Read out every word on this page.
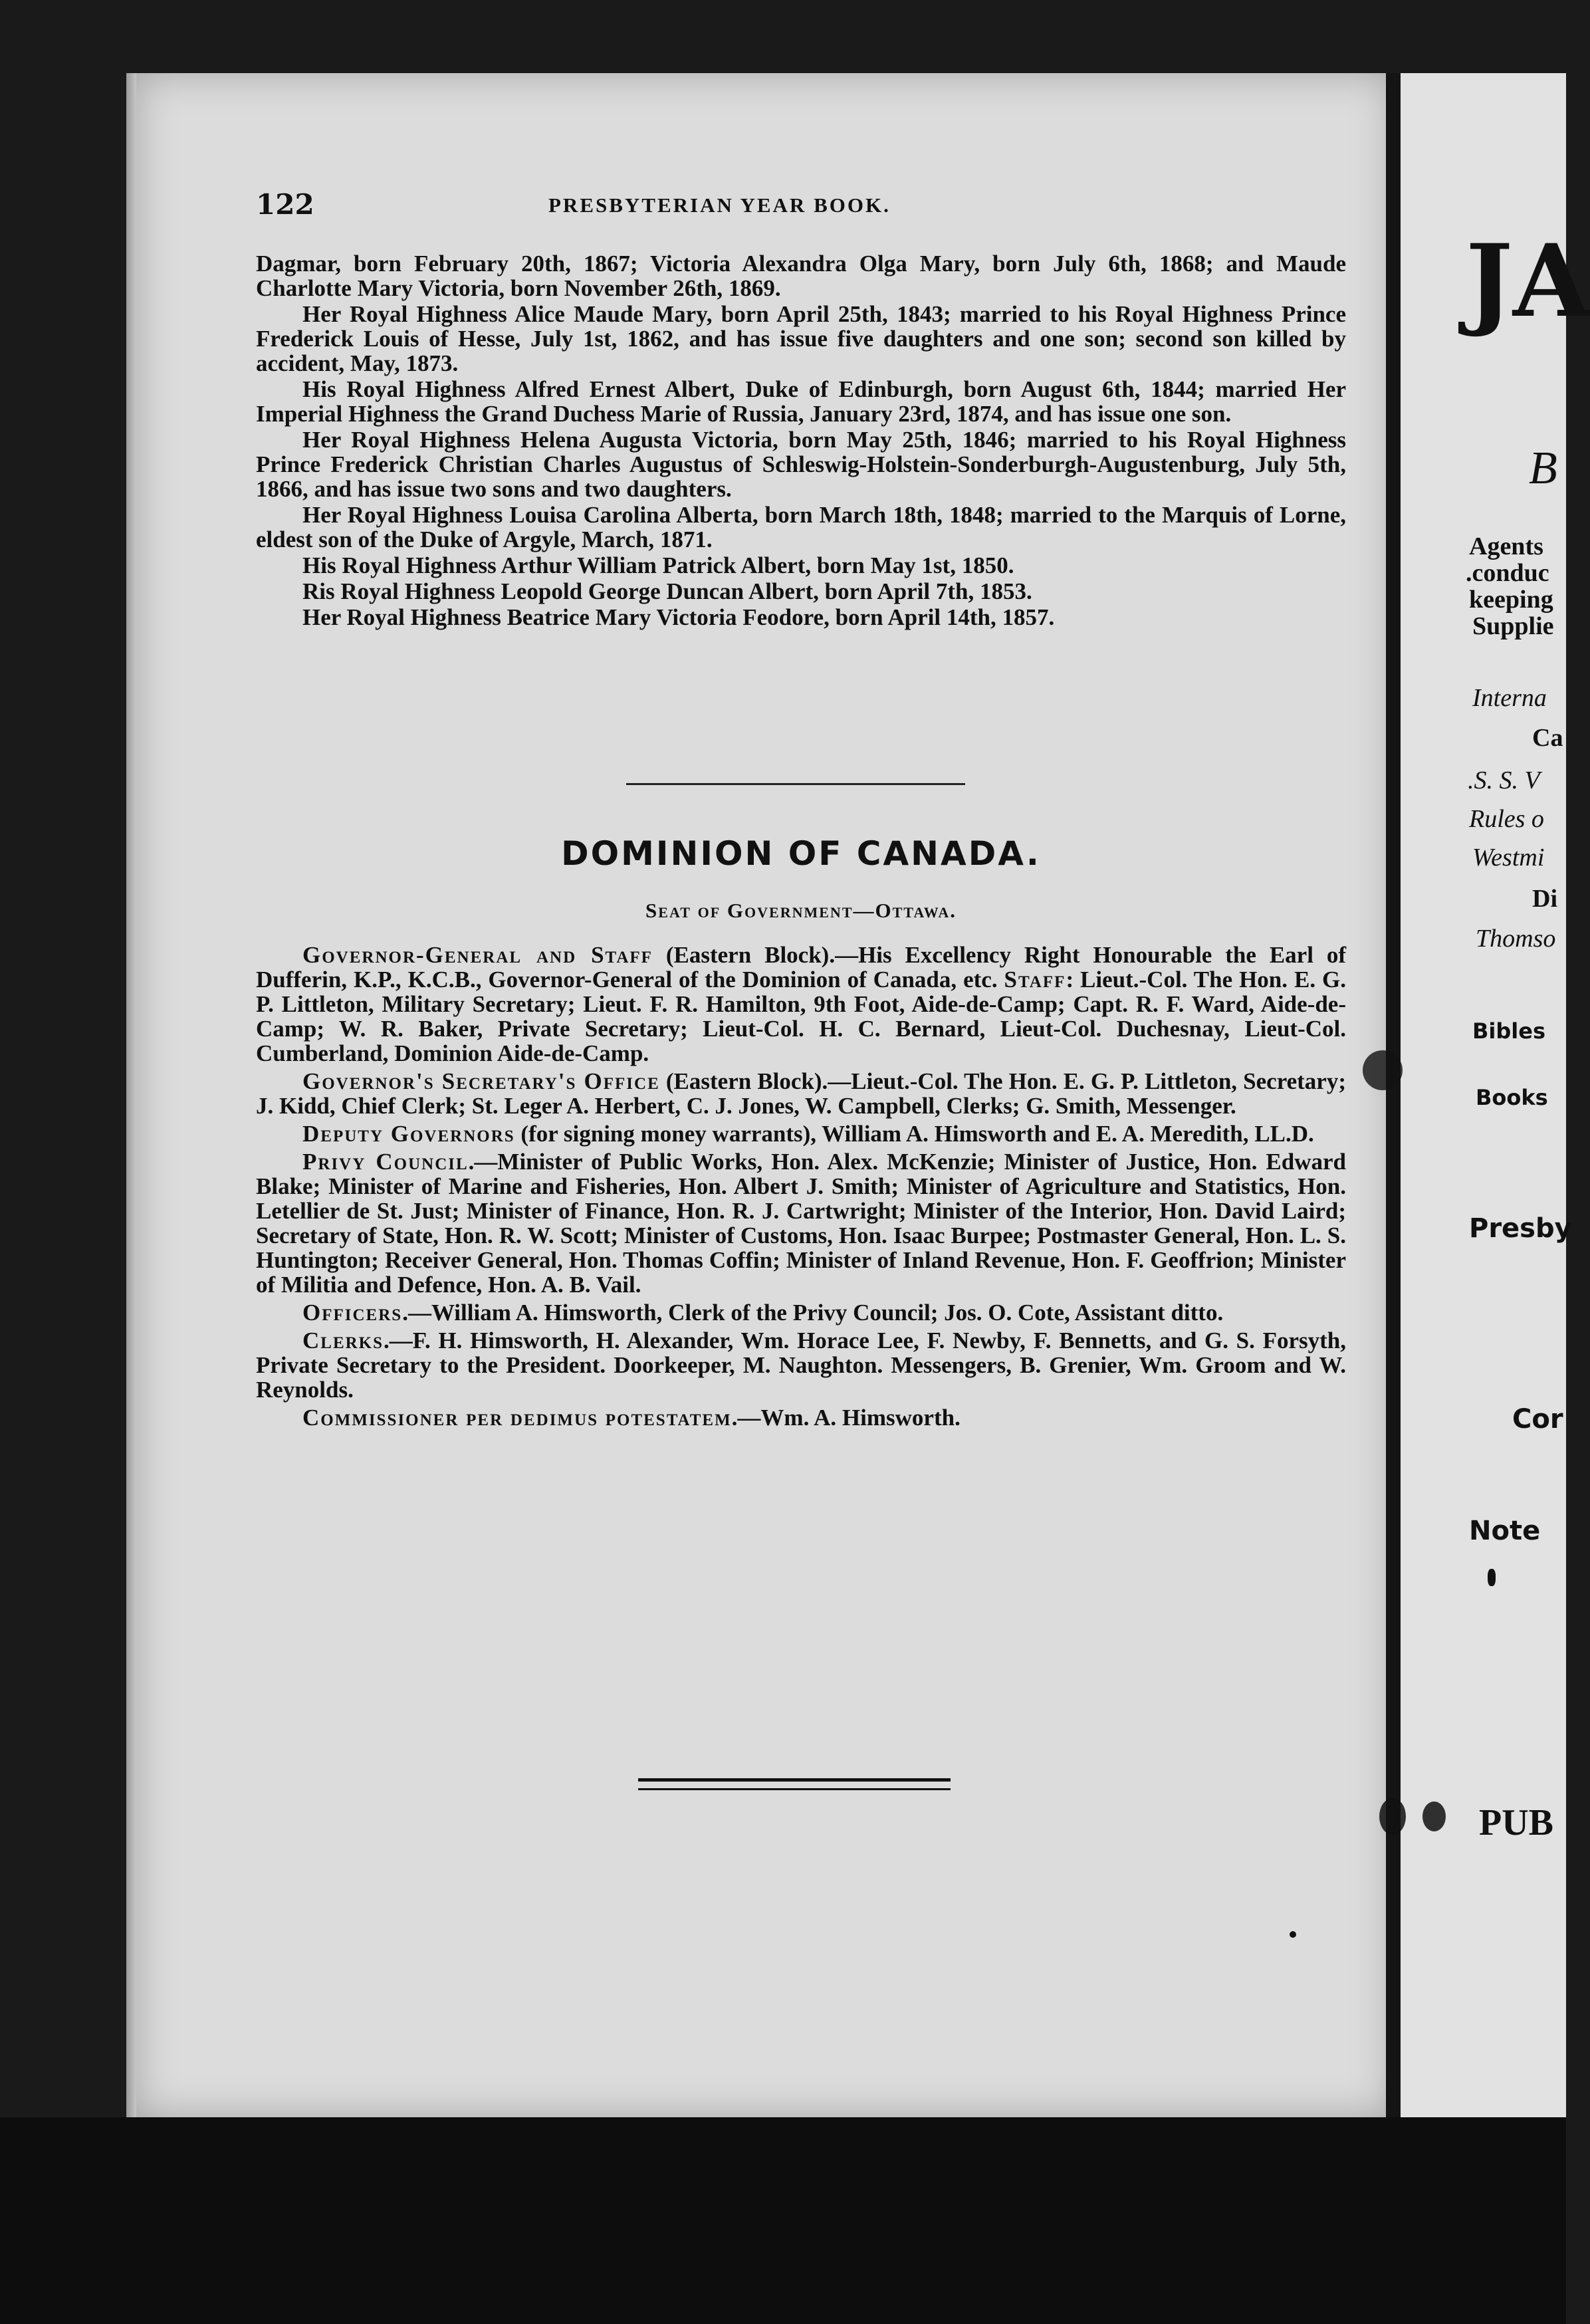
122	PRESBYTERIAN YEAR BOOK.

Dagmar, born February 20th, 1867; Victoria Alexandra Olga Mary, born July 6th, 1868; and Maude Charlotte Mary Victoria, born November 26th, 1869.

Her Royal Highness Alice Maude Mary, born April 25th, 1843; married to his Royal Highness Prince Frederick Louis of Hesse, July 1st, 1862, and has issue five daughters and one son; second son killed by accident, May, 1873.

His Royal Highness Alfred Ernest Albert, Duke of Edinburgh, born August 6th, 1844; married Her Imperial Highness the Grand Duchess Marie of Russia, January 23rd, 1874, and has issue one son.

Her Royal Highness Helena Augusta Victoria, born May 25th, 1846; married to his Royal Highness Prince Frederick Christian Charles Augustus of Schleswig-Holstein-Sonderburgh-Augustenburg, July 5th, 1866, and has issue two sons and two daughters.

Her Royal Highness Louisa Carolina Alberta, born March 18th, 1848; married to the Marquis of Lorne, eldest son of the Duke of Argyle, March, 1871.

His Royal Highness Arthur William Patrick Albert, born May 1st, 1850.

Ris Royal Highness Leopold George Duncan Albert, born April 7th, 1853.

Her Royal Highness Beatrice Mary Victoria Feodore, born April 14th, 1857.

DOMINION OF CANADA.
Seat of Government—Ottawa.

Governor-General and Staff (Eastern Block).—His Excellency Right Honourable the Earl of Dufferin, K.P., K.C.B., Governor-General of the Dominion of Canada, etc. Staff: Lieut.-Col. The Hon. E. G. P. Littleton, Military Secretary; Lieut. F. R. Hamilton, 9th Foot, Aide-de-Camp; Capt. R. F. Ward, Aide-de-Camp; W. R. Baker, Private Secretary; Lieut-Col. H. C. Bernard, Lieut-Col. Duchesnay, Lieut-Col. Cumberland, Dominion Aide-de-Camp.

Governor's Secretary's Office (Eastern Block).—Lieut.-Col. The Hon. E. G. P. Littleton, Secretary; J. Kidd, Chief Clerk; St. Leger A. Herbert, C. J. Jones, W. Campbell, Clerks; G. Smith, Messenger.

Deputy Governors (for signing money warrants), William A. Himsworth and E. A. Meredith, LL.D.

Privy Council.—Minister of Public Works, Hon. Alex. McKenzie; Minister of Justice, Hon. Edward Blake; Minister of Marine and Fisheries, Hon. Albert J. Smith; Minister of Agriculture and Statistics, Hon. Letellier de St. Just; Minister of Finance, Hon. R. J. Cartwright; Minister of the Interior, Hon. David Laird; Secretary of State, Hon. R. W. Scott; Minister of Customs, Hon. Isaac Burpee; Postmaster General, Hon. L. S. Huntington; Receiver General, Hon. Thomas Coffin; Minister of Inland Revenue, Hon. F. Geoffrion; Minister of Militia and Defence, Hon. A. B. Vail.

Officers.—William A. Himsworth, Clerk of the Privy Council; Jos. O. Cote, Assistant ditto.

Clerks.—F. H. Himsworth, H. Alexander, Wm. Horace Lee, F. Newby, F. Bennetts, and G. S. Forsyth, Private Secretary to the President. Doorkeeper, M. Naughton. Messengers, B. Grenier, Wm. Groom and W. Reynolds.

Commissioner per dedimus potestatem.—Wm. A. Himsworth.

JA
B
Agents
.conduc
keeping
Supplie
Interna
Ca
.S. S. V
Rules o
Westmi
Di
Thomso
Bibles
Books
Presby
Cor
Note
PUB
